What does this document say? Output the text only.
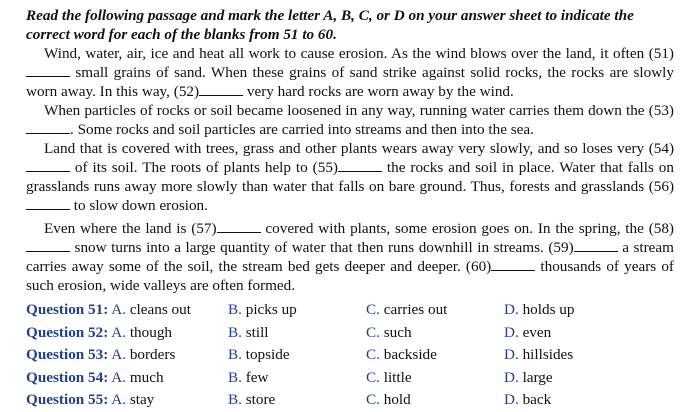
Read the following passage and mark the letter A, B, C, or D on your answer sheet to indicate the correct word for each of the blanks from 51 to 60.

Wind, water, air, ice and heat all work to cause erosion. As the wind blows over the land, it often (51) small grains of sand. When these grains of sand strike against solid rocks, the rocks are slowly worn away. In this way, (52)	very hard rocks are worn away by the wind.

When particles of rocks or soil became loosened in any way, running water carries them down the (53). Some rocks and soil particles are carried into streams and then into the sea.

Land that is covered with trees, grass and other plants wears away very slowly, and so loses very (54) of its soil. The roots of plants help to (55)	the rocks and soil in place. Water that falls on grasslands runs away more slowly than water that falls on bare ground. Thus, forests and grasslands (56) to slow down erosion.

Even where the land is (57)	covered with plants, some erosion goes on. In the spring, the (58) snow turns into a large quantity of water that then runs downhill in streams. (59)	a stream carries away some of the soil, the stream bed gets deeper and deeper. (60)	thousands of years of such erosion, wide valleys are often formed.

Question 51: A. cleans out	B. picks up	C. carries out	D. holds up
Question 52: A. though	B. still	C. such	D. even
Question 53: A. borders	B. topside	C. backside	D. hillsides
Question 54: A. much	B. few	C. little	D. large
Question 55: A. stay	B. store	C. hold	D. back
